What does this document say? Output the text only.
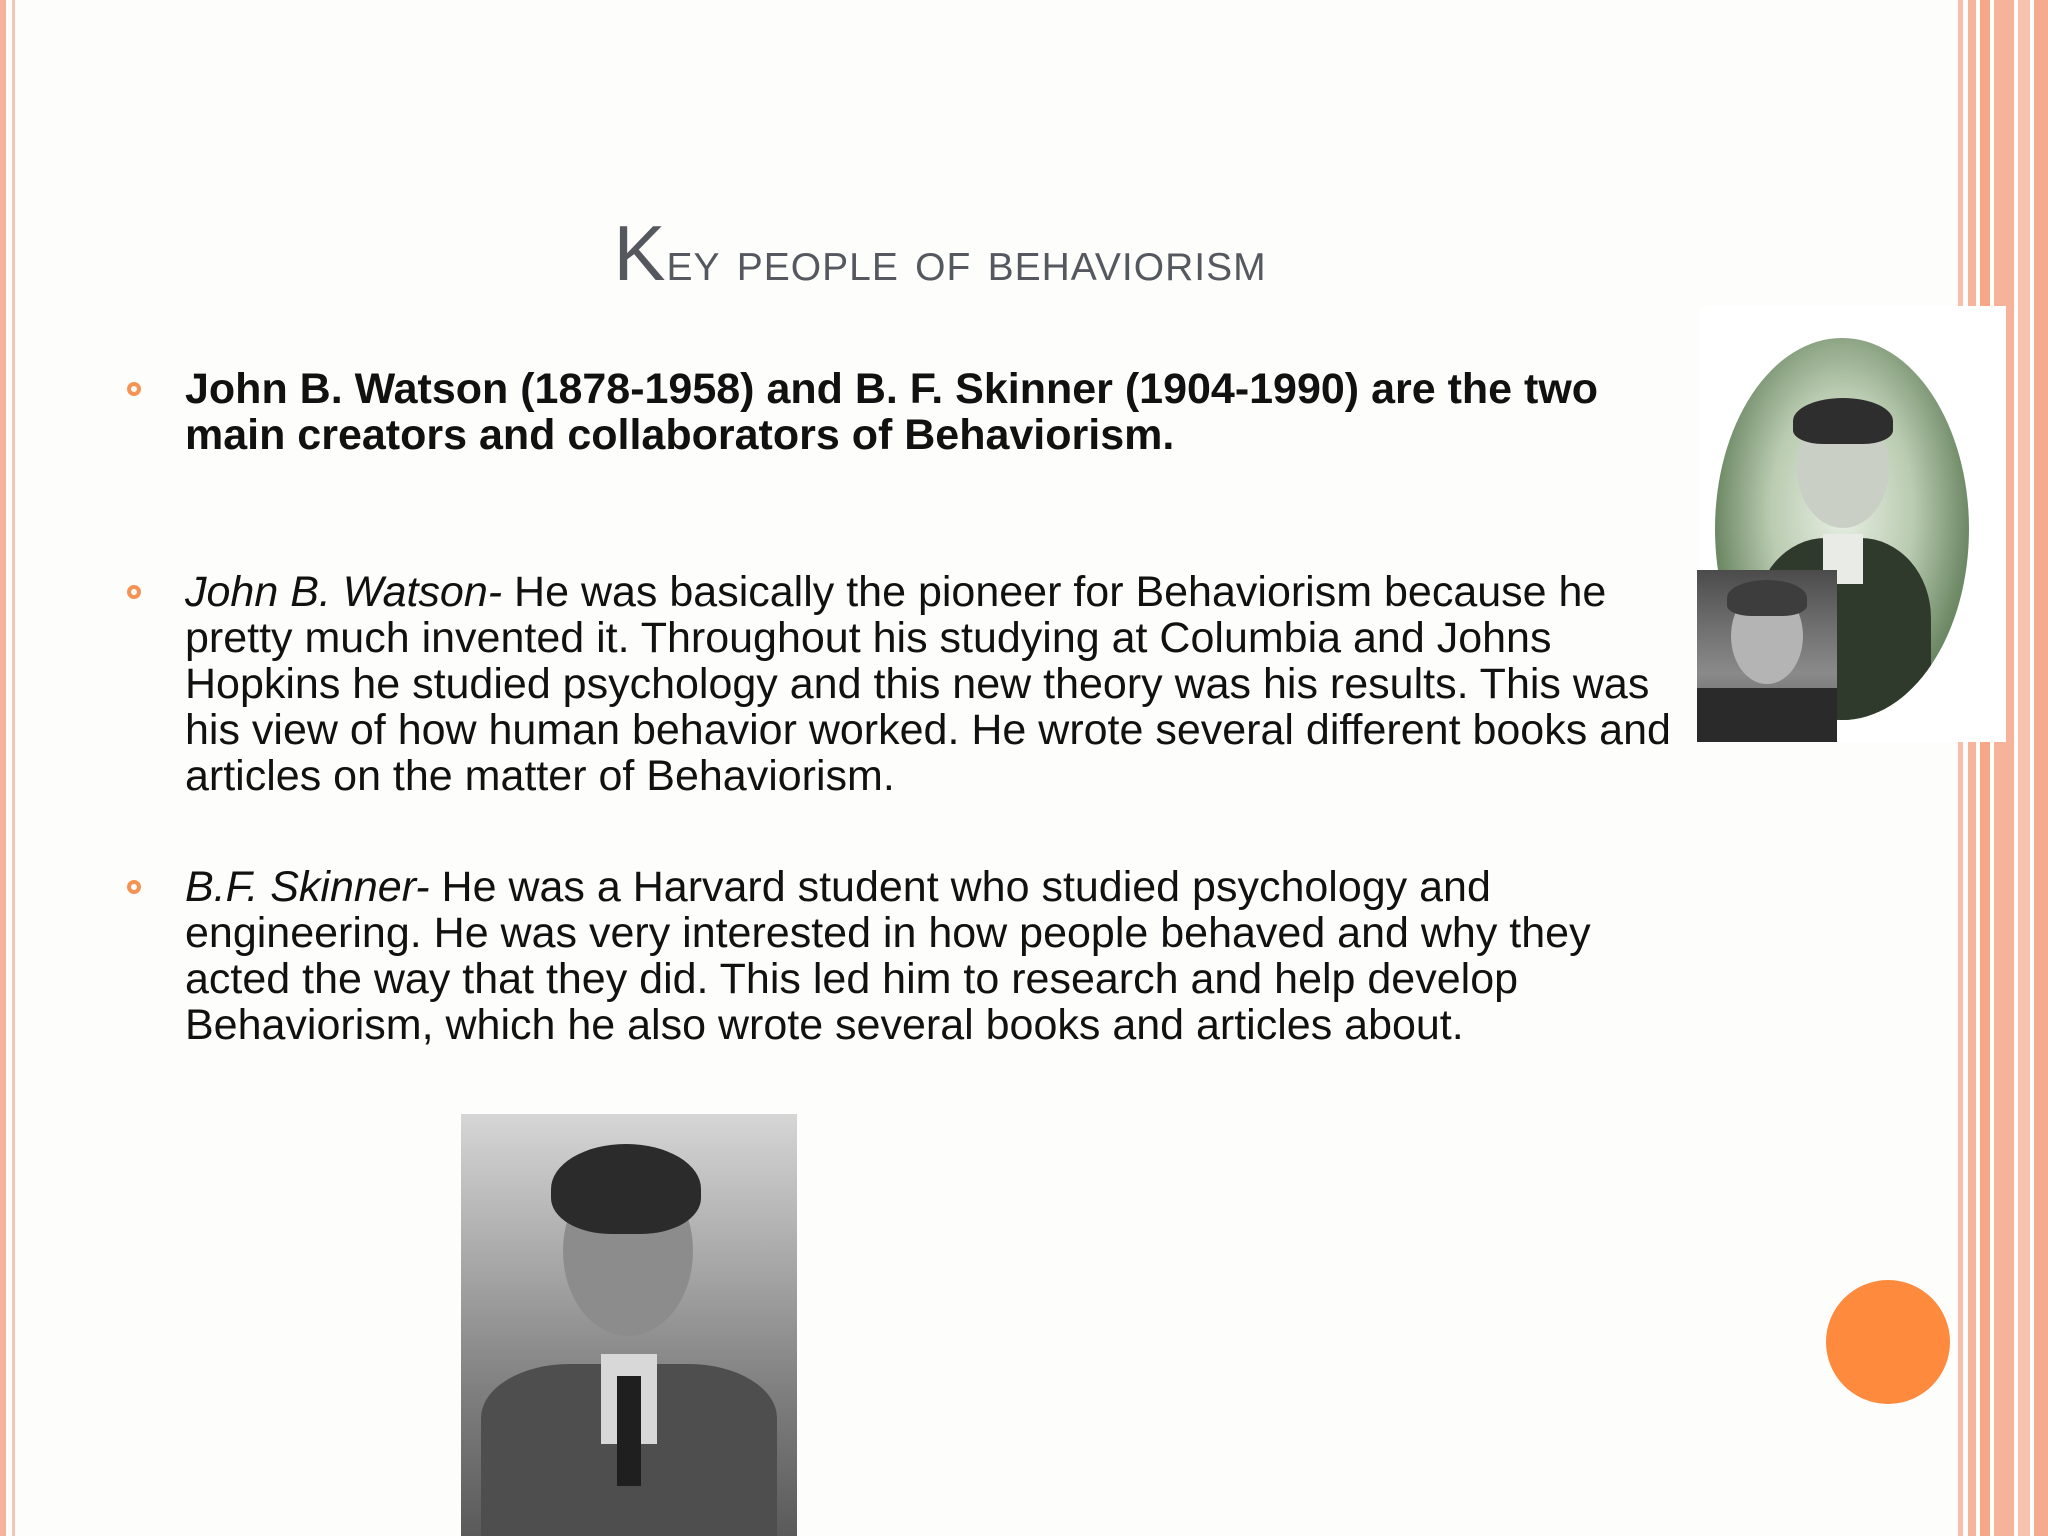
Key people of behaviorism
John B. Watson (1878-1958) and B. F. Skinner (1904-1990) are the two main creators and collaborators of Behaviorism.
John B. Watson- He was basically the pioneer for Behaviorism because he pretty much invented it. Throughout his studying at Columbia and Johns Hopkins he studied psychology and this new theory was his results. This was his view of how human behavior worked. He wrote several different books and articles on the matter of Behaviorism.
B.F. Skinner- He was a Harvard student who studied psychology and engineering. He was very interested in how people behaved and why they acted the way that they did. This led him to research and help develop Behaviorism, which he also wrote several books and articles about.
